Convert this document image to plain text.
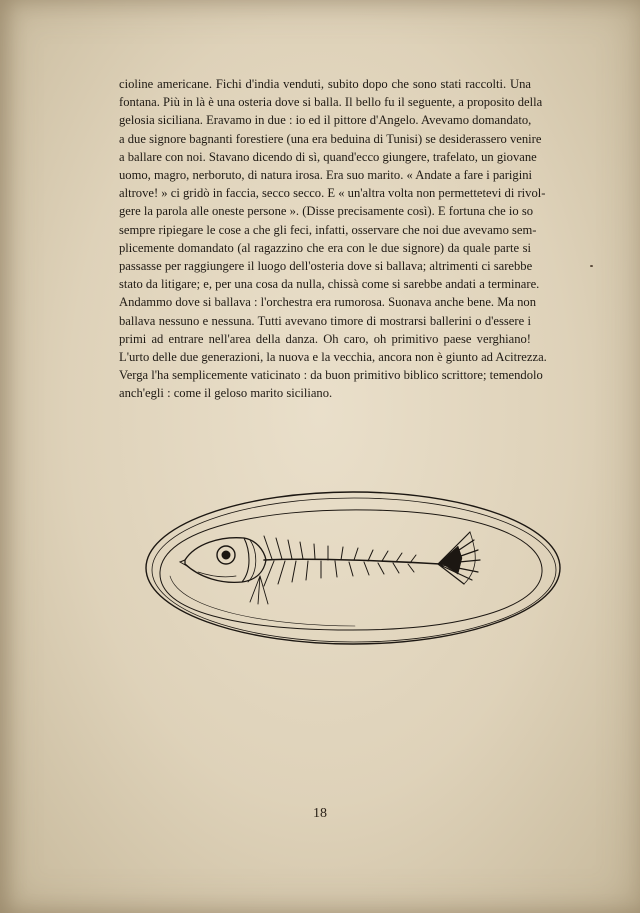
cioline americane. Fichi d'india venduti, subito dopo che sono stati raccolti. Una
fontana. Più in là è una osteria dove si balla. Il bello fu il seguente, a proposito della
gelosia siciliana. Eravamo in due : io ed il pittore d'Angelo. Avevamo domandato,
a due signore bagnanti forestiere (una era beduina di Tunisi) se desiderassero venire
a ballare con noi. Stavano dicendo di sì, quand'ecco giungere, trafelato, un giovane
uomo, magro, nerboruto, di natura irosa. Era suo marito. « Andate a fare i parigini
altrove! » ci gridò in faccia, secco secco. E « un'altra volta non permettetevi di rivol-
gere la parola alle oneste persone ». (Disse precisamente così). E fortuna che io so
sempre ripiegare le cose a che gli feci, infatti, osservare che noi due avevamo sem-
plicemente domandato (al ragazzino che era con le due signore) da quale parte si
passasse per raggiungere il luogo dell'osteria dove si ballava; altrimenti ci sarebbe
stato da litigare; e, per una cosa da nulla, chissà come si sarebbe andati a terminare.
Andammo dove si ballava : l'orchestra era rumorosa. Suonava anche bene. Ma non
ballava nessuno e nessuna. Tutti avevano timore di mostrarsi ballerini o d'essere i
primi ad entrare nell'area della danza. Oh caro, oh primitivo paese verghiano!
L'urto delle due generazioni, la nuova e la vecchia, ancora non è giunto ad Acitrezza.
Verga l'ha semplicemente vaticinato : da buon primitivo biblico scrittore; temendolo
anch'egli : come il geloso marito siciliano.
18
